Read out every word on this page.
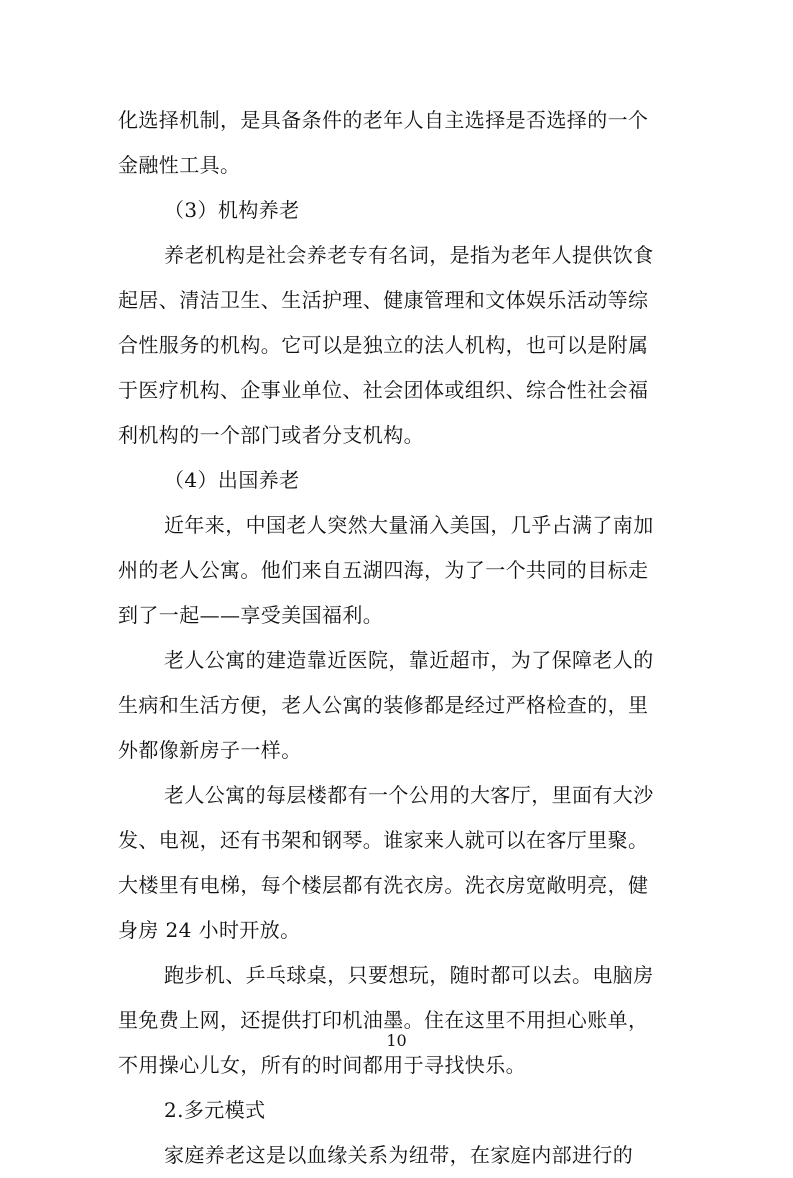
化选择机制，是具备条件的老年人自主选择是否选择的一个
金融性工具。
（3）机构养老
养老机构是社会养老专有名词，是指为老年人提供饮食
起居、清洁卫生、生活护理、健康管理和文体娱乐活动等综
合性服务的机构。它可以是独立的法人机构，也可以是附属
于医疗机构、企事业单位、社会团体或组织、综合性社会福
利机构的一个部门或者分支机构。
（4）出国养老
近年来，中国老人突然大量涌入美国，几乎占满了南加
州的老人公寓。他们来自五湖四海，为了一个共同的目标走
到了一起——享受美国福利。
老人公寓的建造靠近医院，靠近超市，为了保障老人的
生病和生活方便，老人公寓的装修都是经过严格检查的，里
外都像新房子一样。
老人公寓的每层楼都有一个公用的大客厅，里面有大沙
发、电视，还有书架和钢琴。谁家来人就可以在客厅里聚。
大楼里有电梯，每个楼层都有洗衣房。洗衣房宽敞明亮，健
身房 24 小时开放。
跑步机、乒乓球桌，只要想玩，随时都可以去。电脑房
里免费上网，还提供打印机油墨。住在这里不用担心账单，
不用操心儿女，所有的时间都用于寻找快乐。
2.多元模式
家庭养老这是以血缘关系为纽带，在家庭内部进行的
10
